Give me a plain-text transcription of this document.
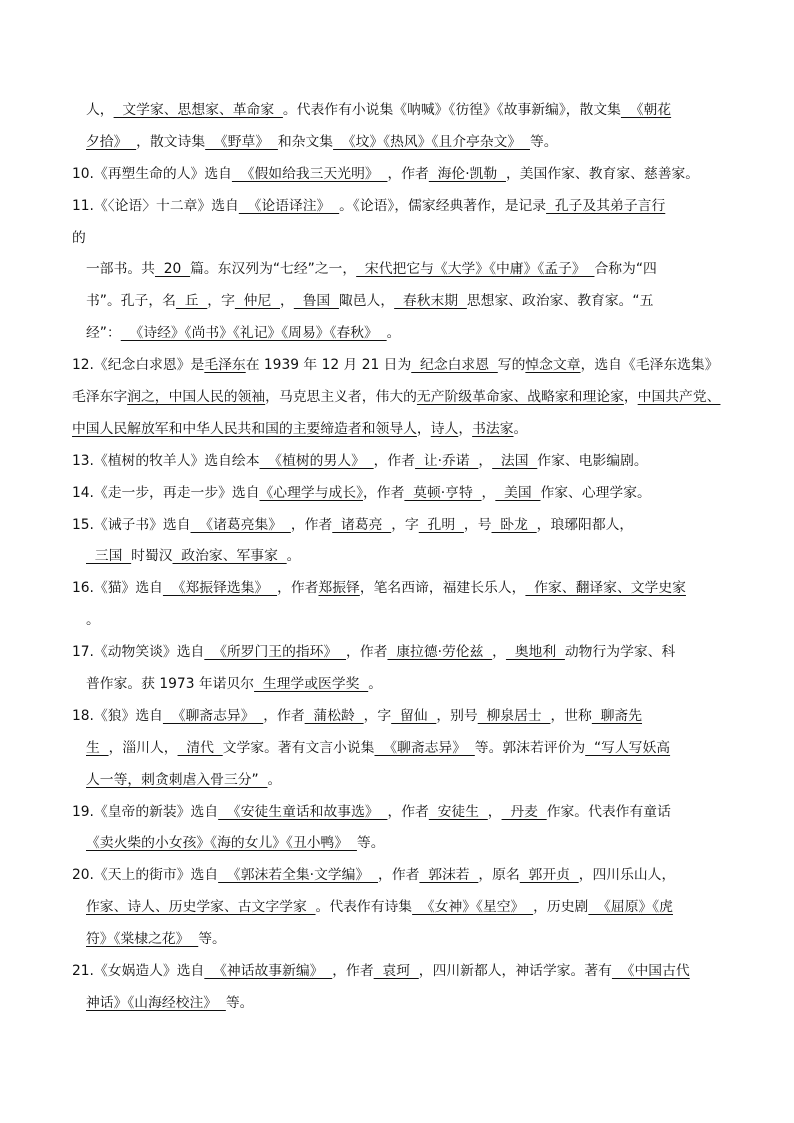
人，  文学家、思想家、革命家  。代表作有小说集《呐喊》《彷徨》《故事新编》，散文集  《朝花
夕拾》  ，散文诗集  《野草》  和杂文集  《坟》《热风》《且介亭杂文》  等。
10.《再塑生命的人》选自  《假如给我三天光明》  ，作者  海伦·凯勒  ，美国作家、教育家、慈善家。
11.《〈论语〉十二章》选自  《论语译注》  。《论语》，儒家经典著作，是记录  孔子及其弟子言行
的
一部书。共  20  篇。东汉列为“七经”之一，  宋代把它与《大学》《中庸》《孟子》  合称为“四
书”。孔子，名  丘  ，字  仲尼  ，  鲁国  陬邑人，  春秋末期  思想家、政治家、教育家。“五
经”：  《诗经》《尚书》《礼记》《周易》《春秋》  。
12.《纪念白求恩》是毛泽东在 1939 年 12 月 21 日为  纪念白求恩  写的悼念文章，选自《毛泽东选集》
毛泽东字润之，中国人民的领袖，马克思主义者，伟大的无产阶级革命家、战略家和理论家，中国共产党、
中国人民解放军和中华人民共和国的主要缔造者和领导人，诗人，书法家。
13.《植树的牧羊人》选自绘本  《植树的男人》  ，作者  让·乔诺  ，  法国  作家、电影编剧。
14.《走一步，再走一步》选自《心理学与成长》，作者  莫顿·亨特  ，  美国  作家、心理学家。
15.《诫子书》选自  《诸葛亮集》  ，作者  诸葛亮  ，字  孔明  ，号  卧龙  ，琅琊阳都人，
三国  时蜀汉  政治家、军事家  。
16.《猫》选自  《郑振铎选集》  ，作者郑振铎，笔名西谛，福建长乐人，  作家、翻译家、文学史家
。
17.《动物笑谈》选自  《所罗门王的指环》  ，作者  康拉德·劳伦兹  ，  奥地利  动物行为学家、科
普作家。获 1973 年诺贝尔  生理学或医学奖  。
18.《狼》选自  《聊斋志异》  ，作者  蒲松龄  ，字  留仙  ，别号  柳泉居士  ，世称  聊斋先
生  ，淄川人，  清代  文学家。著有文言小说集  《聊斋志异》  等。郭沫若评价为  “写人写妖高
人一等，刺贪刺虐入骨三分”  。
19.《皇帝的新装》选自  《安徒生童话和故事选》  ，作者  安徒生  ，  丹麦  作家。代表作有童话
《卖火柴的小女孩》《海的女儿》《丑小鸭》  等。
20.《天上的街市》选自  《郭沫若全集·文学编》  ，作者  郭沫若  ，原名  郭开贞  ，四川乐山人，
作家、诗人、历史学家、古文字学家  。代表作有诗集  《女神》《星空》  ，历史剧  《屈原》《虎
符》《棠棣之花》  等。
21.《女娲造人》选自  《神话故事新编》  ，作者  袁珂  ，四川新都人，神话学家。著有  《中国古代
神话》《山海经校注》  等。
